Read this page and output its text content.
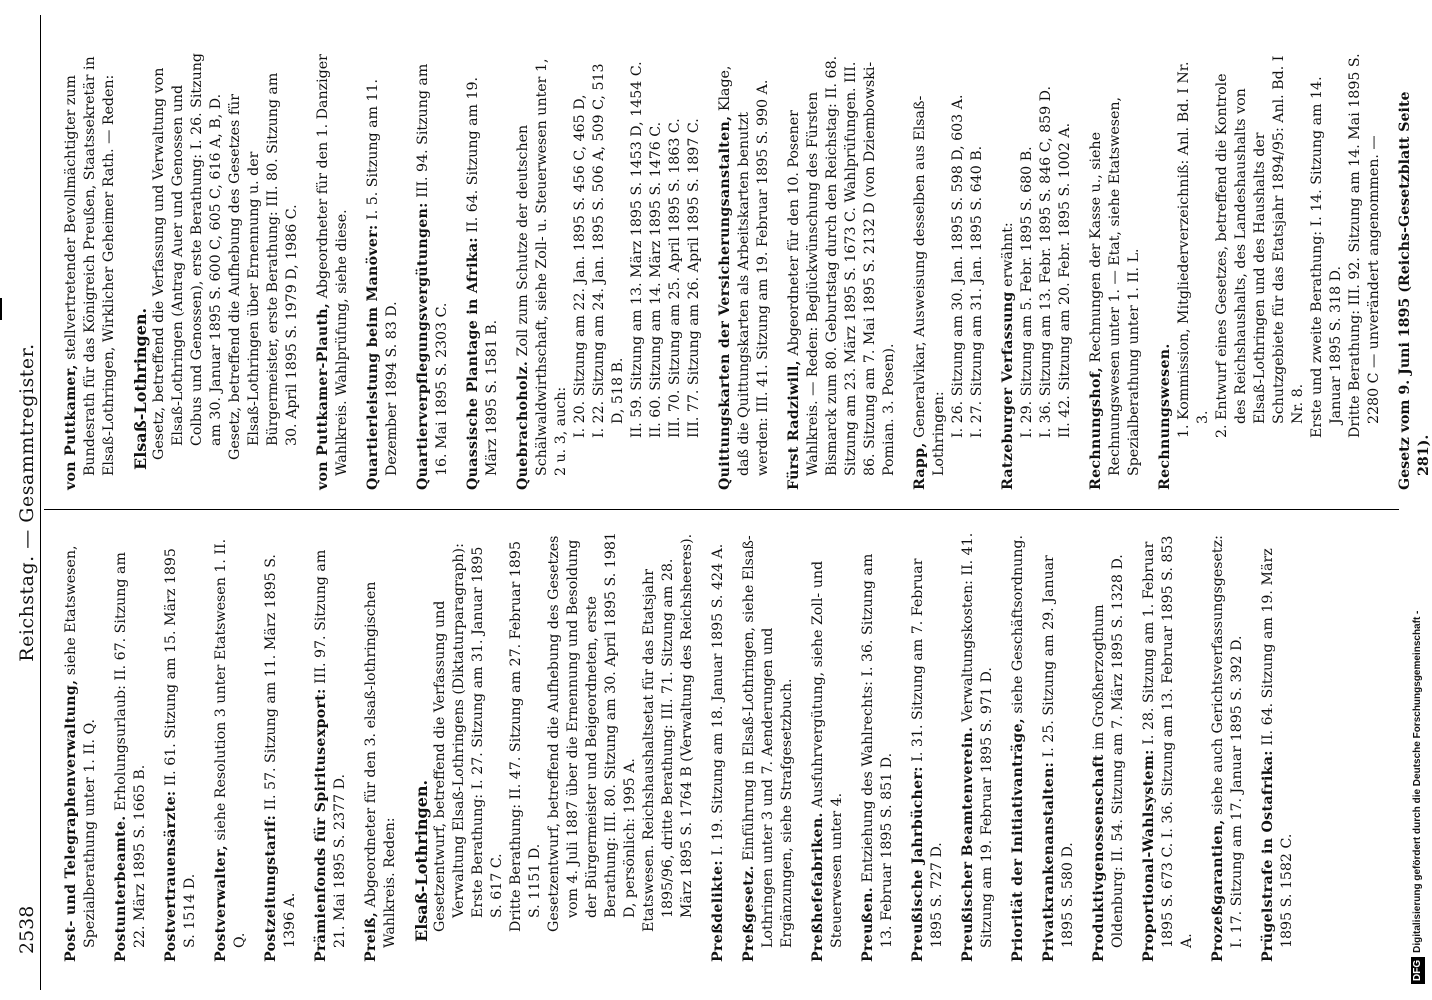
2538
Reichstag. — Gesammtregister.
Post- und Telegraphenverwaltung, siehe Etatswesen, Spezialberathung unter 1. II. Q. Postunterbeamte. Erholungsurlaub: II. 67. Sitzung am 22. März 1895 S. 1665 B. Postvertrauensärzte: II. 61. Sitzung am 15. März 1895 S. 1514 D. Postverwalter, siehe Resolution 3 unter Etatswesen 1. II. Q. Postzeitungstarif: II. 57. Sitzung am 11. März 1895 S. 1396 A. Prämienfonds für Spiritusexport: III. 97. Sitzung am 21. Mai 1895 S. 2377 D. Preiß, Abgeordneter für den 3. elsaß-lothringischen Wahlkreis. Reden: Elsaß-Lothringen. Gesetzentwurf, betreffend die Verfassung und Verwaltung Elsaß-Lothringens (Diktaturparagraph): Erste Berathung: I. 27. Sitzung am 31. Januar 1895 S. 617 C. Dritte Berathung: II. 47. Sitzung am 27. Februar 1895 S. 1151 D. Gesetzentwurf, betreffend die Aufhebung des Gesetzes vom 4. Juli 1887 über die Ernennung und Besoldung der Bürgermeister und Beigeordneten, erste Berathung: III. 80. Sitzung am 30. April 1895 S. 1981 D, persönlich: 1995 A. Etatswesen. Reichshaushaltsetat für das Etatsjahr 1895/96, dritte Berathung: III. 71. Sitzung am 28. März 1895 S. 1764 B (Verwaltung des Reichsheeres). Preßdelikte: I. 19. Sitzung am 18. Januar 1895 S. 424 A.
Preßgesetz. Einführung in Elsaß-Lothringen, siehe Elsaß-Lothringen unter 3 und 7. Aenderungen und Ergänzungen, siehe Strafgesetzbuch. Preßhefefabriken. Ausfuhrvergütung, siehe Zoll- und Steuerwesen unter 4. Preußen. Entziehung des Wahlrechts: I. 36. Sitzung am 13. Februar 1895 S. 851 D. Preußische Jahrbücher: I. 31. Sitzung am 7. Februar 1895 S. 727 D. Preußischer Beamtenverein. Verwaltungskosten: II. 41. Sitzung am 19. Februar 1895 S. 971 D. Priorität der Initiativanträge, siehe Geschäftsordnung.
Privatkrankenanstalten: I. 25. Sitzung am 29. Januar 1895 S. 580 D. Produktivgenossenschaft im Großherzogthum Oldenburg: II. 54. Sitzung am 7. März 1895 S. 1328 D. Proportional-Wahlsystem: I. 28. Sitzung am 1. Februar 1895 S. 673 C. I. 36. Sitzung am 13. Februar 1895 S. 853 A. Prozeßgarantien, siehe auch Gerichtsverfassungsgesetz: I. 17. Sitzung am 17. Januar 1895 S. 392 D. Prügelstrafe in Ostafrika: II. 64. Sitzung am 19. März 1895 S. 1582 C.
von Puttkamer, stellvertretender Bevollmächtigter zum Bundesrath für das Königreich Preußen, Staatssekretär in Elsaß-Lothringen, Wirklicher Geheimer Rath. — Reden: Elsaß-Lothringen. Gesetz, betreffend die Verfassung und Verwaltung von Elsaß-Lothringen (Antrag Auer und Genossen und Colbus und Genossen), erste Berathung: I. 26. Sitzung am 30. Januar 1895 S. 600 C, 605 C, 616 A, B, D. Gesetz, betreffend die Aufhebung des Gesetzes für Elsaß-Lothringen über Ernennung u. der Bürgermeister, erste Berathung: III. 80. Sitzung am 30. April 1895 S. 1979 D, 1986 C. von Puttkamer-Plauth, Abgeordneter für den 1. Danziger Wahlkreis. Wahlprüfung, siehe diese. Quartierleistung beim Manöver: I. 5. Sitzung am 11. Dezember 1894 S. 83 D. Quartierverpflegungsvergütungen: III. 94. Sitzung am 16. Mai 1895 S. 2303 C. Quassische Plantage in Afrika: II. 64. Sitzung am 19. März 1895 S. 1581 B. Quebrachoholz. Zoll zum Schutze der deutschen Schälwaldwirthschaft, siehe Zoll- u. Steuerwesen unter 1, 2 u. 3, auch: I. 20. Sitzung am 22. Jan. 1895 S. 456 C, 465 D, I. 22. Sitzung am 24. Jan. 1895 S. 506 A, 509 C, 513 D, 518 B. II. 59. Sitzung am 13. März 1895 S. 1453 D, 1454 C. II. 60. Sitzung am 14. März 1895 S. 1476 C. III. 70. Sitzung am 25. April 1895 S. 1863 C. III. 77. Sitzung am 26. April 1895 S. 1897 C. Quittungskarten der Versicherungsanstalten, Klage, daß die Quittungskarten als Arbeitskarten benutzt werden: III. 41. Sitzung am 19. Februar 1895 S. 990 A. Fürst Radziwill, Abgeordneter für den 10. Posener Wahlkreis. — Reden: Beglückwünschung des Fürsten Bismarck zum 80. Geburtstag durch den Reichstag: II. 68. Sitzung am 23. März 1895 S. 1673 C. Wahlprüfungen. III. 86. Sitzung am 7. Mai 1895 S. 2132 D (von Dziembowski-Pomian. 3. Posen). Rapp, Generalvikar, Ausweisung desselben aus Elsaß-Lothringen: I. 26. Sitzung am 30. Jan. 1895 S. 598 D, 603 A. I. 27. Sitzung am 31. Jan. 1895 S. 640 B. Ratzeburger Verfassung erwähnt: I. 29. Sitzung am 5. Febr. 1895 S. 680 B. I. 36. Sitzung am 13. Febr. 1895 S. 846 C, 859 D. II. 42. Sitzung am 20. Febr. 1895 S. 1002 A. Rechnungshof, Rechnungen der Kasse u., siehe Rechnungswesen unter 1. — Etat, siehe Etatswesen, Spezialberathung unter 1. II. L. Rechnungswesen. 1. Kommission, Mitgliederverzeichniß: Anl. Bd. I Nr. 3. 2. Entwurf eines Gesetzes, betreffend die Kontrole des Reichshaushalts, des Landeshaushalts von Elsaß-Lothringen und des Haushalts der Schutzgebiete für das Etatsjahr 1894/95: Anl. Bd. I Nr. 8. Erste und zweite Berathung: I. 14. Sitzung am 14. Januar 1895 S. 318 D. Dritte Berathung: III. 92. Sitzung am 14. Mai 1895 S. 2280 C — unverändert angenommen. — Gesetz vom 9. Juni 1895 (Reichs-Gesetzblatt Seite 281).
DFGDigitalisierung gefördert durch die Deutsche Forschungsgemeinschaft -
